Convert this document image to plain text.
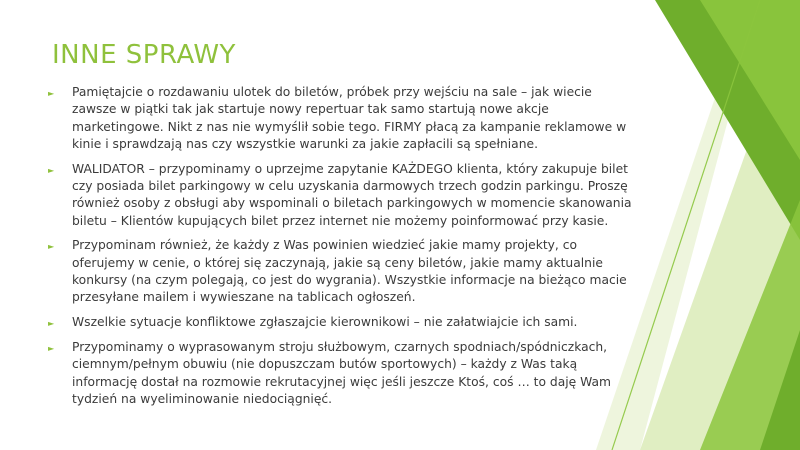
INNE SPRAWY
►	Pamiętajcie o rozdawaniu ulotek do biletów, próbek przy wejściu na sale – jak wiecie zawsze w piątki tak jak startuje nowy repertuar tak samo startują nowe akcje marketingowe. Nikt z nas nie wymyślił sobie tego. FIRMY płacą za kampanie reklamowe w kinie i sprawdzają nas czy wszystkie warunki za jakie zapłacili są spełniane.
►	WALIDATOR – przypominamy o uprzejme zapytanie KAŻDEGO klienta, który zakupuje bilet czy posiada bilet parkingowy w celu uzyskania darmowych trzech godzin parkingu. Proszę również osoby z obsługi aby wspominali o biletach parkingowych w momencie skanowania biletu – Klientów kupujących bilet przez internet nie możemy poinformować przy kasie.
►	Przypominam również, że każdy z Was powinien wiedzieć jakie mamy projekty, co oferujemy w cenie, o której się zaczynają, jakie są ceny biletów, jakie mamy aktualnie konkursy (na czym polegają, co jest do wygrania). Wszystkie informacje na bieżąco macie przesyłane mailem i wywieszane na tablicach ogłoszeń.
►	Wszelkie sytuacje konfliktowe zgłaszajcie kierownikowi – nie załatwiajcie ich sami.
►	Przypominamy o wyprasowanym stroju służbowym, czarnych spodniach/spódniczkach, ciemnym/pełnym obuwiu (nie dopuszczam butów sportowych) – każdy z Was taką informację dostał na rozmowie rekrutacyjnej więc jeśli jeszcze Ktoś, coś … to daję Wam tydzień na wyeliminowanie niedociągnięć.
